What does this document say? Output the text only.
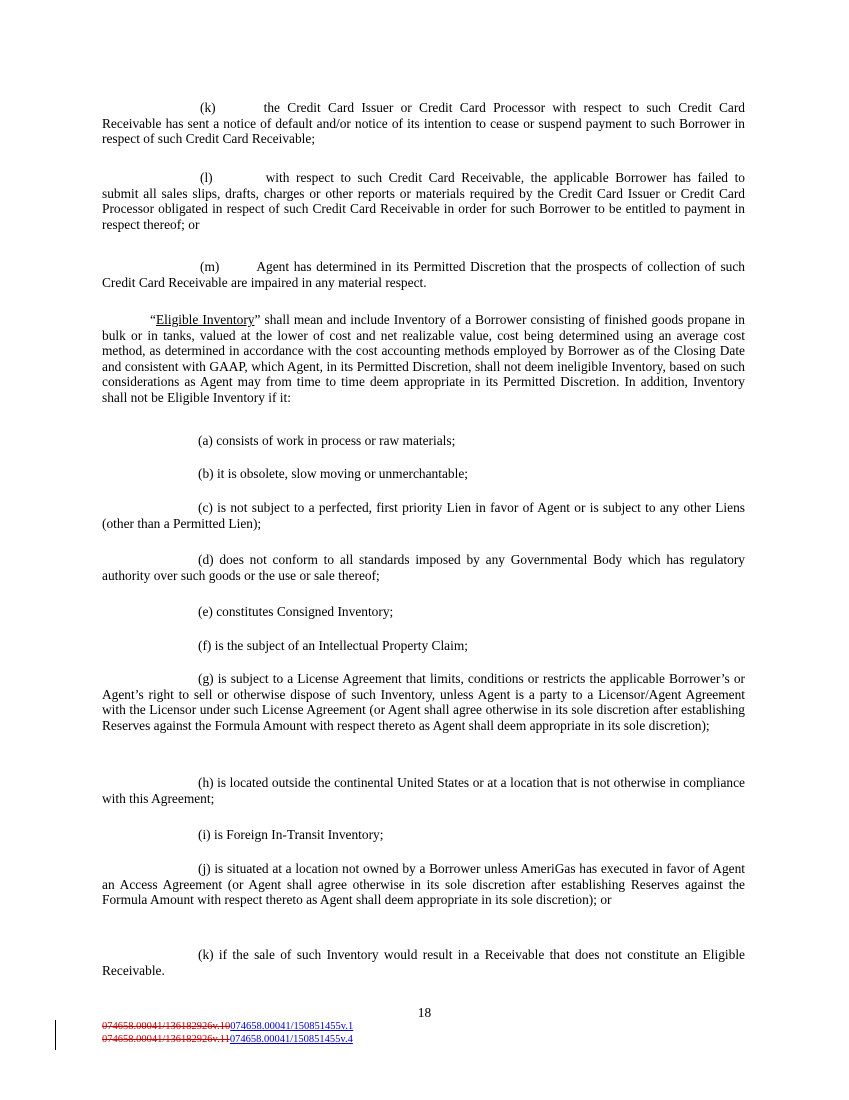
(k)	the Credit Card Issuer or Credit Card Processor with respect to such Credit Card Receivable has sent a notice of default and/or notice of its intention to cease or suspend payment to such Borrower in respect of such Credit Card Receivable;

(l)	with respect to such Credit Card Receivable, the applicable Borrower has failed to submit all sales slips, drafts, charges or other reports or materials required by the Credit Card Issuer or Credit Card Processor obligated in respect of such Credit Card Receivable in order for such Borrower to be entitled to payment in respect thereof; or

(m)	Agent has determined in its Permitted Discretion that the prospects of collection of such Credit Card Receivable are impaired in any material respect.

“Eligible Inventory” shall mean and include Inventory of a Borrower consisting of finished goods propane in bulk or in tanks, valued at the lower of cost and net realizable value, cost being determined using an average cost method, as determined in accordance with the cost accounting methods employed by Borrower as of the Closing Date and consistent with GAAP, which Agent, in its Permitted Discretion, shall not deem ineligible Inventory, based on such considerations as Agent may from time to time deem appropriate in its Permitted Discretion. In addition, Inventory shall not be Eligible Inventory if it:

(a) consists of work in process or raw materials;

(b) it is obsolete, slow moving or unmerchantable;

(c) is not subject to a perfected, first priority Lien in favor of Agent or is subject to any other Liens (other than a Permitted Lien);

(d) does not conform to all standards imposed by any Governmental Body which has regulatory authority over such goods or the use or sale thereof;

(e) constitutes Consigned Inventory;

(f) is the subject of an Intellectual Property Claim;

(g) is subject to a License Agreement that limits, conditions or restricts the applicable Borrower’s or Agent’s right to sell or otherwise dispose of such Inventory, unless Agent is a party to a Licensor/Agent Agreement with the Licensor under such License Agreement (or Agent shall agree otherwise in its sole discretion after establishing Reserves against the Formula Amount with respect thereto as Agent shall deem appropriate in its sole discretion);

(h) is located outside the continental United States or at a location that is not otherwise in compliance with this Agreement;

(i) is Foreign In-Transit Inventory;

(j) is situated at a location not owned by a Borrower unless AmeriGas has executed in favor of Agent an Access Agreement (or Agent shall agree otherwise in its sole discretion after establishing Reserves against the Formula Amount with respect thereto as Agent shall deem appropriate in its sole discretion); or

(k) if the sale of such Inventory would result in a Receivable that does not constitute an Eligible Receivable.

18
074658.00041/136182926v.10074658.00041/150851455v.1
074658.00041/136182926v.11074658.00041/150851455v.4
